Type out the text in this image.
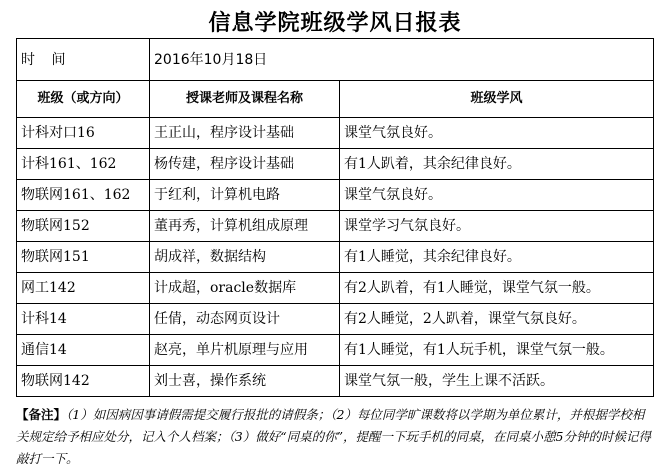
信息学院班级学风日报表
时 间	2016年10月18日	
班级（或方向）	授课老师及课程名称	班级学风
计科对口16	王正山，程序设计基础	课堂气氛良好。
计科161、162	杨传建，程序设计基础	有1人趴着，其余纪律良好。
物联网161、162	于红利，计算机电路	课堂气氛良好。
物联网152	董再秀，计算机组成原理	课堂学习气氛良好。
物联网151	胡成祥，数据结构	有1人睡觉，其余纪律良好。
网工142	计成超，oracle数据库	有2人趴着，有1人睡觉，课堂气氛一般。
计科14	任倩，动态网页设计	有2人睡觉，2人趴着，课堂气氛良好。
通信14	赵亮，单片机原理与应用	有1人睡觉，有1人玩手机，课堂气氛一般。
物联网142	刘士喜，操作系统	课堂气氛一般，学生上课不活跃。
【备注】（1）如因病因事请假需提交履行报批的请假条；（2）每位同学旷课数将以学期为单位累计，并根据学校相关规定给予相应处分，记入个人档案；（3）做好“同桌的你”，提醒一下玩手机的同桌，在同桌小憩5分钟的时候记得敲打一下。
